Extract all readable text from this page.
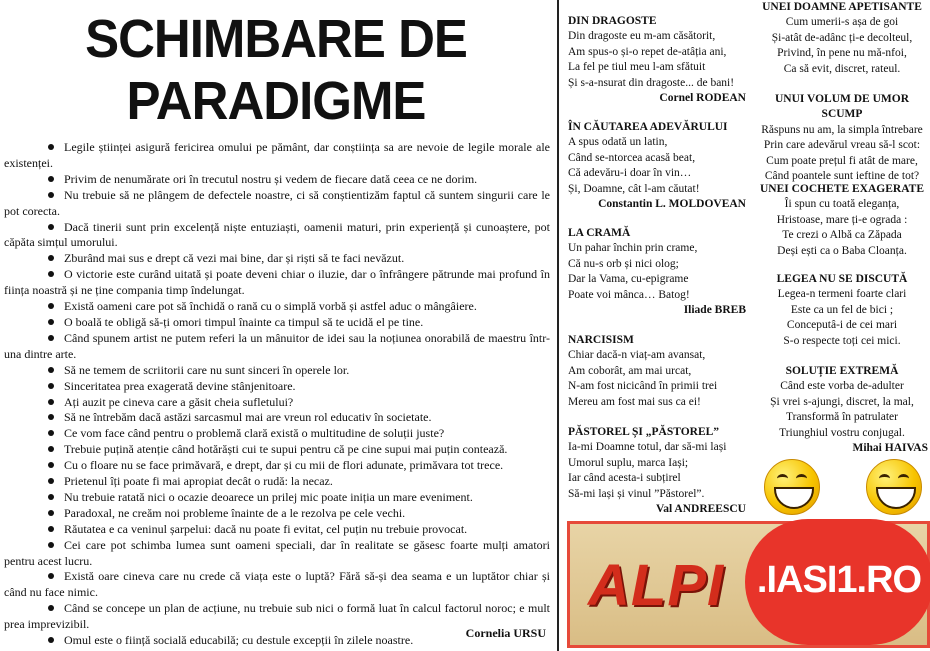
SCHIMBARE DE
PARADIGME
Legile științei asigură fericirea omului pe pământ, dar conștiința sa are nevoie de legile morale ale existenței.
Privim de nenumărate ori în trecutul nostru și vedem de fiecare dată ceea ce ne dorim.
Nu trebuie să ne plângem de defectele noastre, ci să conștientizăm faptul că suntem singurii care le pot corecta.
Dacă tinerii sunt prin excelență niște entuziaști, oamenii maturi, prin experiență și cunoaștere, pot căpăta simțul umorului.
Zburând mai sus e drept că vezi mai bine, dar și riști să te faci nevăzut.
O victorie este curând uitată și poate deveni chiar o iluzie, dar o înfrângere pătrunde mai profund în ființa noastră și ne ține compania timp îndelungat.
Există oameni care pot să închidă o rană cu o simplă vorbă și astfel aduc o mângâiere.
O boală te obligă să-ți omori timpul înainte ca timpul să te ucidă el pe tine.
Când spunem artist ne putem referi la un mânuitor de idei sau la noțiunea onorabilă de maestru într-una dintre arte.
Să ne temem de scriitorii care nu sunt sinceri în operele lor.
Sinceritatea prea exagerată devine stânjenitoare.
Ați auzit pe cineva care a găsit cheia sufletului?
Să ne întrebăm dacă astăzi sarcasmul mai are vreun rol educativ în societate.
Ce vom face când pentru o problemă clară există o multitudine de soluții juste?
Trebuie puțină atenție când hotărăști cui te supui pentru că pe cine supui mai puțin contează.
Cu o floare nu se face primăvară, e drept, dar și cu mii de flori adunate, primăvara tot trece.
Prietenul îți poate fi mai apropiat decât o rudă: la necaz.
Nu trebuie ratată nici o ocazie deoarece un prilej mic poate iniția un mare eveniment.
Paradoxal, ne creăm noi probleme înainte de a le rezolva pe cele vechi.
Răutatea e ca veninul șarpelui: dacă nu poate fi evitat, cel puțin nu trebuie provocat.
Cei care pot schimba lumea sunt oameni speciali, dar în realitate se găsesc foarte mulți amatori pentru acest lucru.
Există oare cineva care nu crede că viața este o luptă? Fără să-și dea seama e un luptător chiar și când nu face nimic.
Când se concepe un plan de acțiune, nu trebuie sub nici o formă luat în calcul factorul noroc; e mult prea imprevizibil.
Omul este o ființă socială educabilă; cu destule excepții în zilele noastre.
Cornelia URSU
DIN DRAGOSTE
Din dragoste eu m-am căsătorit,
Am spus-o și-o repet de-atâția ani,
La fel pe tiul meu l-am sfătuit
Și s-a-nsurat din dragoste... de bani!
Cornel RODEAN
ÎN CĂUTAREA ADEVĂRULUI
A spus odată un latin,
Când se-ntorcea acasă beat,
Că adevăru-i doar în vin…
Și, Doamne, cât l-am căutat!
Constantin L. MOLDOVEAN
LA CRAMĂ
Un pahar închin prin crame,
Că nu-s orb și nici olog;
Dar la Vama, cu-epigrame
Poate voi mânca… Batog!
Iliade BREB
NARCISISM
Chiar dacă-n viaț-am avansat,
Am coborât, am mai urcat,
N-am fost nicicând în primii trei
Mereu am fost mai sus ca ei!
PĂSTOREL ȘI „PĂSTOREL”
Ia-mi Doamne totul, dar să-mi lași
Umorul suplu, marca Iași;
Iar când acesta-i subțirel
Să-mi lași și vinul ”Păstorel”.
Val ANDREESCU
UNEI DOAMNE APETISANTE
Cum umerii-s așa de goi
Și-atât de-adânc ți-e decolteul,
Privind, în pene nu mă-nfoi,
Ca să evit, discret, rateul.
UNUI VOLUM DE UMOR SCUMP
Răspuns nu am, la simpla întrebare
Prin care adevărul vreau să-l scot:
Cum poate prețul fi atât de mare,
Când poantele sunt ieftine de tot?
UNEI COCHETE EXAGERATE
Îi spun cu toată eleganța,
Hristoase, mare ți-e ograda :
Te crezi o Albă ca Zăpada
Deși ești ca o Baba Cloanța.
LEGEA NU SE DISCUTĂ
Legea-n termeni foarte clari
Este ca un fel de bici ;
Conceputâ-i de cei mari
S-o respecte toți cei mici.
SOLUȚIE EXTREMĂ
Când este vorba de-adulter
Și vrei s-ajungi, discret, la mal,
Transformă în patrulater
Triunghiul vostru conjugal.
Mihai HAIVAS
ALPI .IASI1.RO
